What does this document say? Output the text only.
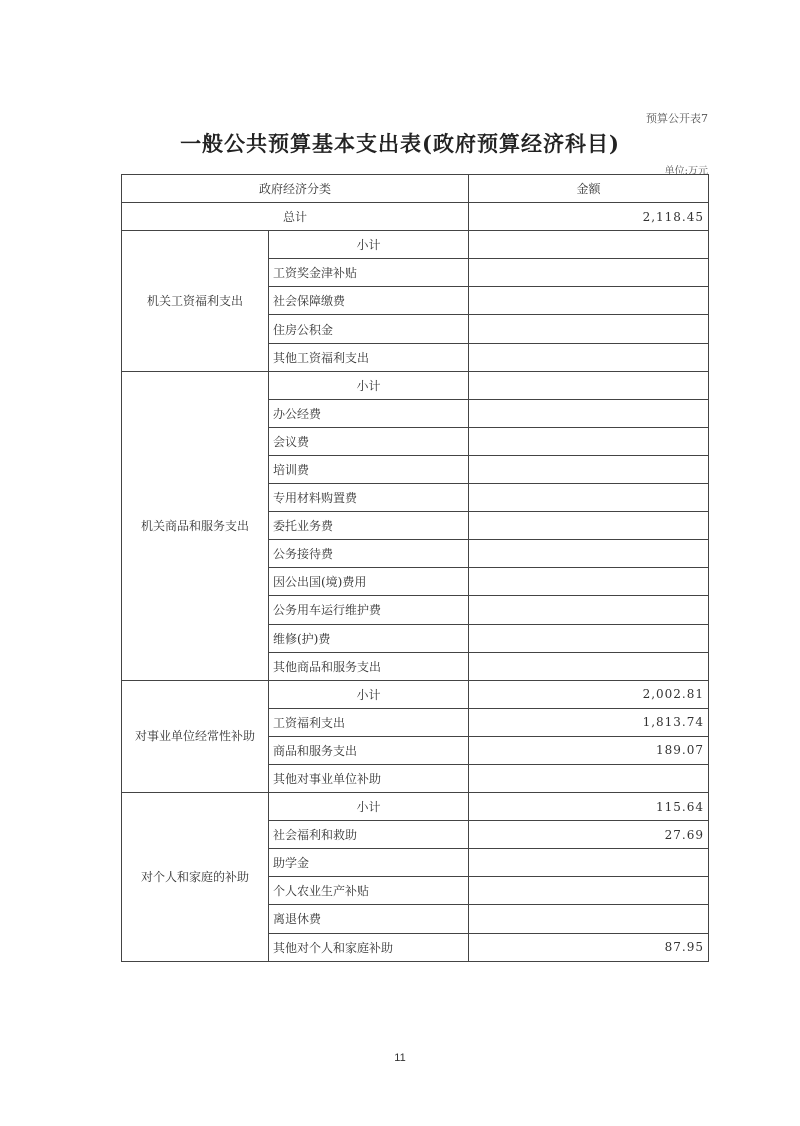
预算公开表7
一般公共预算基本支出表(政府预算经济科目)
单位:万元
政府经济分类		金额
总计		2,118.45
机关工资福利支出	小计	
	工资奖金津补贴	
	社会保障缴费	
	住房公积金	
	其他工资福利支出	
机关商品和服务支出	小计	
	办公经费	
	会议费	
	培训费	
	专用材料购置费	
	委托业务费	
	公务接待费	
	因公出国(境)费用	
	公务用车运行维护费	
	维修(护)费	
	其他商品和服务支出	
对事业单位经常性补助	小计	2,002.81
	工资福利支出	1,813.74
	商品和服务支出	189.07
	其他对事业单位补助	
对个人和家庭的补助	小计	115.64
	社会福利和救助	27.69
	助学金	
	个人农业生产补贴	
	离退休费	
	其他对个人和家庭补助	87.95
11
